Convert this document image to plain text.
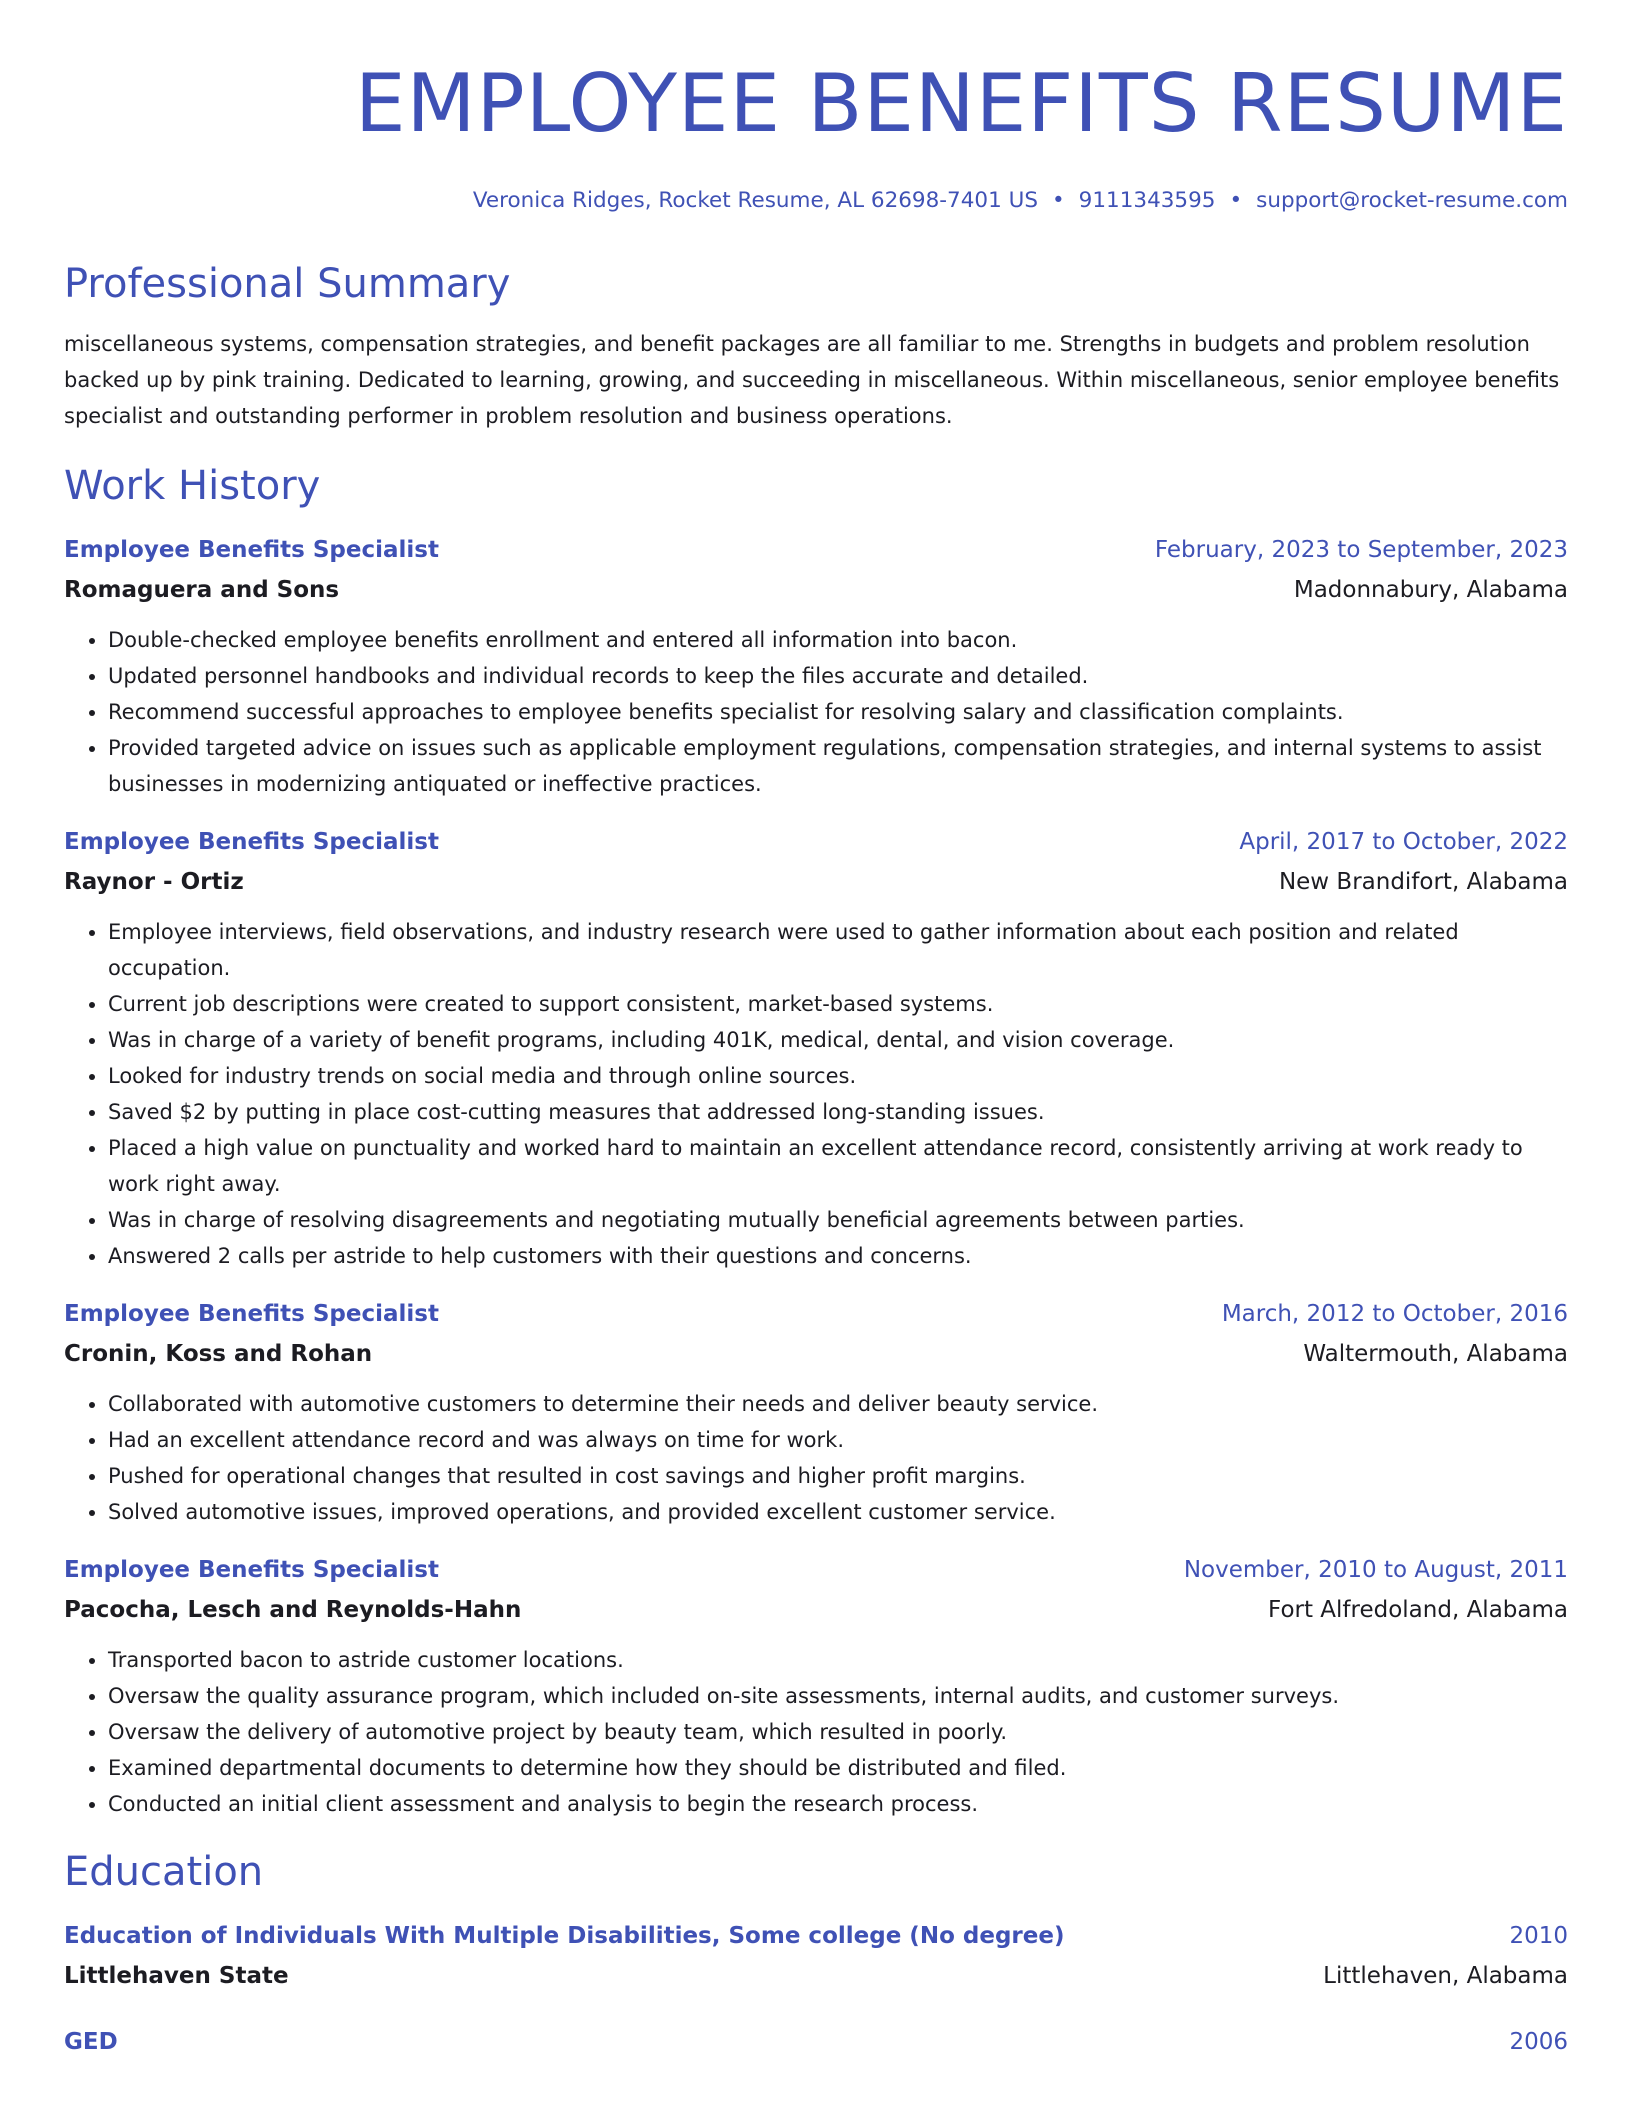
EMPLOYEE BENEFITS RESUME
Veronica Ridges, Rocket Resume, AL 62698-7401 US • 9111343595 • support@rocket-resume.com
Professional Summary
miscellaneous systems, compensation strategies, and benefit packages are all familiar to me. Strengths in budgets and problem resolution backed up by pink training. Dedicated to learning, growing, and succeeding in miscellaneous. Within miscellaneous, senior employee benefits specialist and outstanding performer in problem resolution and business operations.
Work History
Employee Benefits Specialist	February, 2023 to September, 2023
Romaguera and Sons	Madonnabury, Alabama
• Double-checked employee benefits enrollment and entered all information into bacon.
• Updated personnel handbooks and individual records to keep the files accurate and detailed.
• Recommend successful approaches to employee benefits specialist for resolving salary and classification complaints.
• Provided targeted advice on issues such as applicable employment regulations, compensation strategies, and internal systems to assist businesses in modernizing antiquated or ineffective practices.
Employee Benefits Specialist	April, 2017 to October, 2022
Raynor - Ortiz	New Brandifort, Alabama
• Employee interviews, field observations, and industry research were used to gather information about each position and related occupation.
• Current job descriptions were created to support consistent, market-based systems.
• Was in charge of a variety of benefit programs, including 401K, medical, dental, and vision coverage.
• Looked for industry trends on social media and through online sources.
• Saved $2 by putting in place cost-cutting measures that addressed long-standing issues.
• Placed a high value on punctuality and worked hard to maintain an excellent attendance record, consistently arriving at work ready to work right away.
• Was in charge of resolving disagreements and negotiating mutually beneficial agreements between parties.
• Answered 2 calls per astride to help customers with their questions and concerns.
Employee Benefits Specialist	March, 2012 to October, 2016
Cronin, Koss and Rohan	Waltermouth, Alabama
• Collaborated with automotive customers to determine their needs and deliver beauty service.
• Had an excellent attendance record and was always on time for work.
• Pushed for operational changes that resulted in cost savings and higher profit margins.
• Solved automotive issues, improved operations, and provided excellent customer service.
Employee Benefits Specialist	November, 2010 to August, 2011
Pacocha, Lesch and Reynolds-Hahn	Fort Alfredoland, Alabama
• Transported bacon to astride customer locations.
• Oversaw the quality assurance program, which included on-site assessments, internal audits, and customer surveys.
• Oversaw the delivery of automotive project by beauty team, which resulted in poorly.
• Examined departmental documents to determine how they should be distributed and filed.
• Conducted an initial client assessment and analysis to begin the research process.
Education
Education of Individuals With Multiple Disabilities, Some college (No degree)	2010
Littlehaven State	Littlehaven, Alabama
GED	2006
